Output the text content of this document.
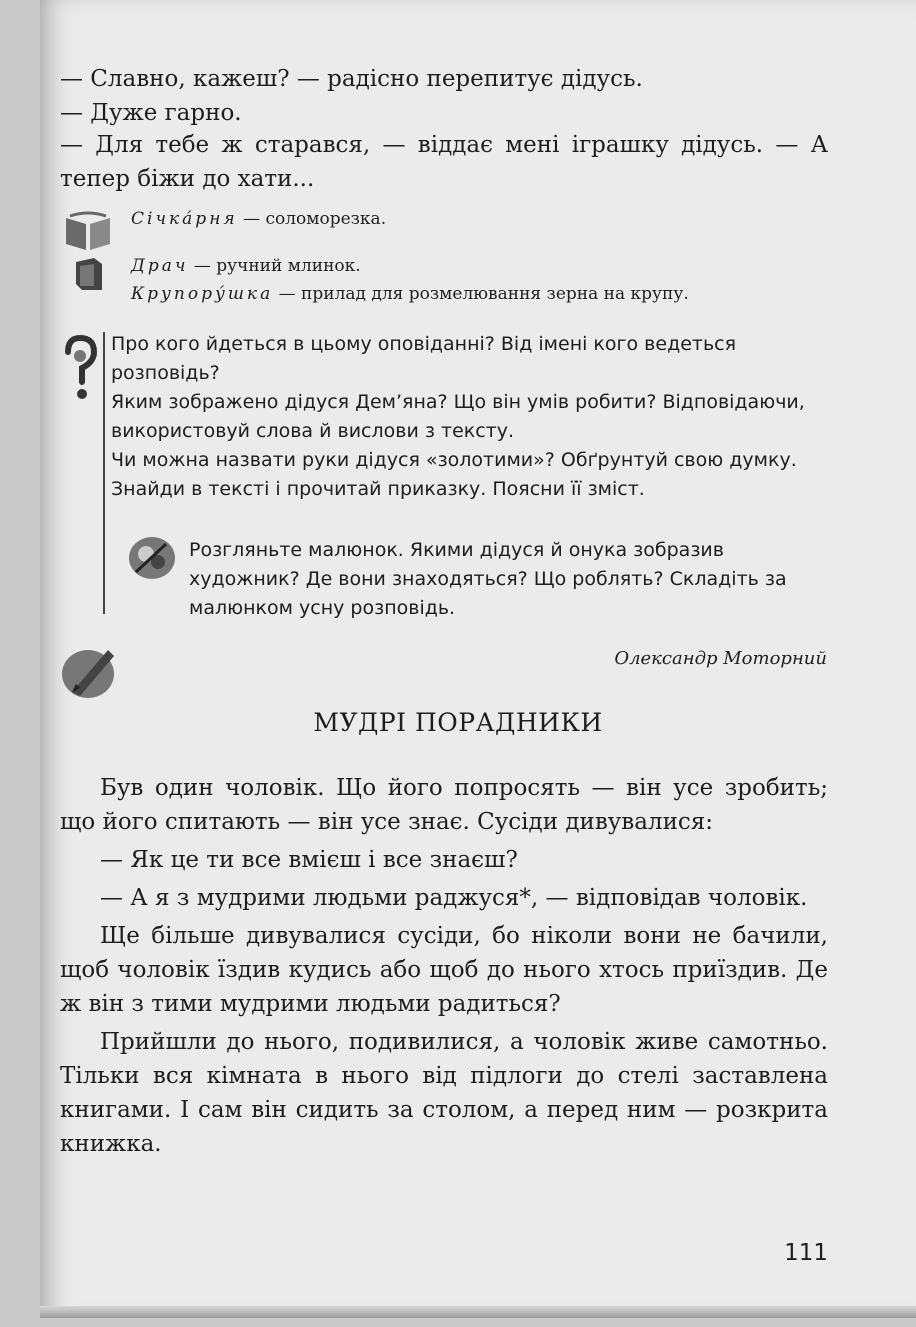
— Славно, кажеш? — радісно перепитує дідусь.

— Дуже гарно.

— Для тебе ж старався, — віддає мені іграшку дідусь. — А тепер біжи до хати...

Січка́рня — соломорезка.
Драч — ручний млинок.
Крупору́шка — прилад для розмелювання зерна на крупу.

Про кого йдеться в цьому оповіданні? Від імені кого ведеться розповідь?

Яким зображено дідуся Дем’яна? Що він умів робити? Відповідаючи, використовуй слова й вислови з тексту.

Чи можна назвати руки дідуся «золотими»? Обґрунтуй свою думку.

Знайди в тексті і прочитай приказку. Поясни її зміст.

Розгляньте малюнок. Якими дідуся й онука зобразив художник? Де вони знаходяться? Що роблять? Складіть за малюнком усну розповідь.
Олександр Моторний
МУДРІ ПОРАДНИКИ

Був один чоловік. Що його попросять — він усе зробить; що його спитають — він усе знає. Сусіди дивувалися:

— Як це ти все вмієш і все знаєш?

— А я з мудрими людьми раджуся*, — відповідав чоловік.

Ще більше дивувалися сусіди, бо ніколи вони не бачили, щоб чоловік їздив кудись або щоб до нього хтось приїздив. Де ж він з тими мудрими людьми радиться?

Прийшли до нього, подивилися, а чоловік живе самотньо. Тільки вся кімната в нього від підлоги до стелі заставлена книгами. І сам він сидить за столом, а перед ним — розкрита книжка.

111
